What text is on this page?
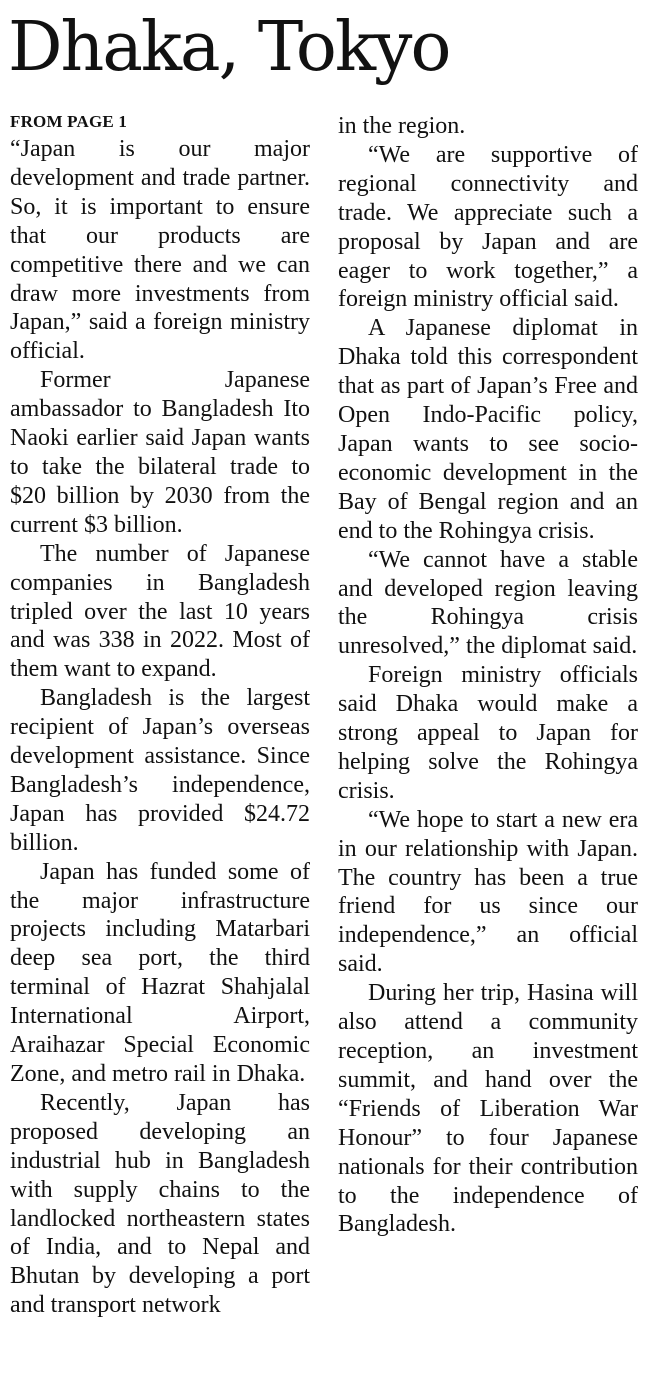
Dhaka, Tokyo

FROM PAGE 1

“Japan is our major development and trade partner. So, it is important to ensure that our products are competitive there and we can draw more investments from Japan,” said a foreign ministry official.

Former Japanese ambassador to Bangladesh Ito Naoki earlier said Japan wants to take the bilateral trade to $20 billion by 2030 from the current $3 billion.

The number of Japanese companies in Bangladesh tripled over the last 10 years and was 338 in 2022. Most of them want to expand.

Bangladesh is the largest recipient of Japan’s overseas development assistance. Since Bangladesh’s independence, Japan has provided $24.72 billion.

Japan has funded some of the major infrastructure projects including Matarbari deep sea port, the third terminal of Hazrat Shahjalal International Airport, Araihazar Special Economic Zone, and metro rail in Dhaka.

Recently, Japan has proposed developing an industrial hub in Bangladesh with supply chains to the landlocked northeastern states of India, and to Nepal and Bhutan by developing a port and transport network

in the region.

“We are supportive of regional connectivity and trade. We appreciate such a proposal by Japan and are eager to work together,” a foreign ministry official said.

A Japanese diplomat in Dhaka told this correspondent that as part of Japan’s Free and Open Indo-Pacific policy, Japan wants to see socio-economic development in the Bay of Bengal region and an end to the Rohingya crisis.

“We cannot have a stable and developed region leaving the Rohingya crisis unresolved,” the diplomat said.

Foreign ministry officials said Dhaka would make a strong appeal to Japan for helping solve the Rohingya crisis.

“We hope to start a new era in our relationship with Japan. The country has been a true friend for us since our independence,” an official said.

During her trip, Hasina will also attend a community reception, an investment summit, and hand over the “Friends of Liberation War Honour” to four Japanese nationals for their contribution to the independence of Bangladesh.
